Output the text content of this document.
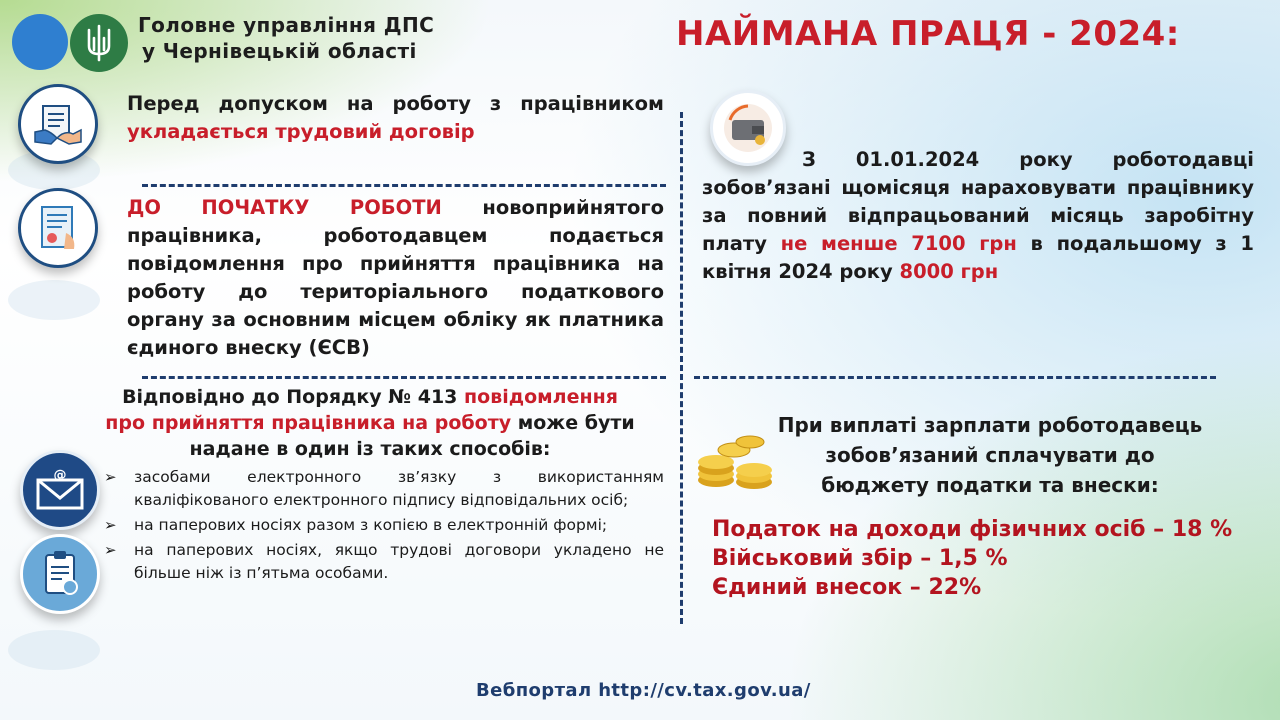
Головне управління ДПС
у Чернівецькій області	НАЙМАНА ПРАЦЯ - 2024:
Перед допуском на роботу з працівником укладається трудовий договір
ДО ПОЧАТКУ РОБОТИ новоприйнятого працівника, роботодавцем подається повідомлення про прийняття працівника на роботу до територіального податкового органу за основним місцем обліку як платника єдиного внеску (ЄСВ)
Відповідно до Порядку № 413 повідомлення
про прийняття працівника на роботу може бути
надане в один із таких способів:
@	➢ засобами електронного зв’язку з використанням кваліфікованого електронного підпису відповідальних осіб;
➢ на паперових носіях разом з копією в електронній формі;
➢ на паперових носіях, якщо трудові договори укладено не більше ніж із п’ятьма особами.
З 01.01.2024 року роботодавці зобов’язані щомісяця нараховувати працівнику за повний відпрацьований місяць заробітну плату не менше 7100 грн в подальшому з 1 квітня 2024 року 8000 грн
При виплаті зарплати роботодавець
зобов’язаний сплачувати до
бюджету податки та внески:
Податок на доходи фізичних осіб – 18 %
Військовий збір – 1,5 %
Єдиний внесок – 22%
Вебпортал http://cv.tax.gov.ua/
